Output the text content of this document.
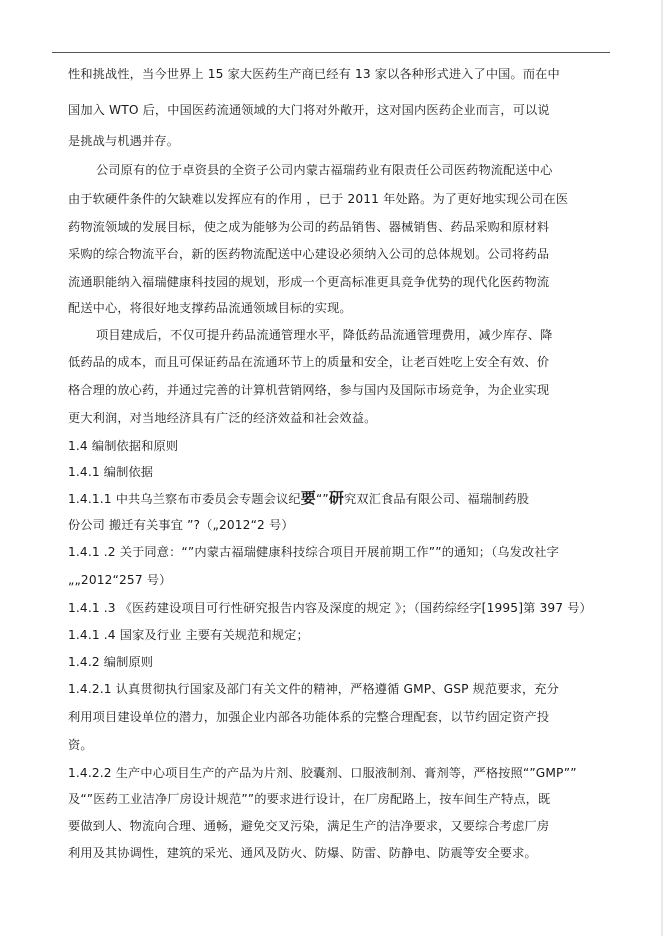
性和挑战性，当今世界上 15 家大医药生产商已经有 13 家以各种形式进入了中国。而在中
国加入 WTO 后，中国医药流通领域的大门将对外敞开，这对国内医药企业而言，可以说
是挑战与机遇并存。
公司原有的位于卓资县的全资子公司内蒙古福瑞药业有限责任公司医药物流配送中心
由于软硬件条件的欠缺难以发挥应有的作用 ，已于 2011 年处路。为了更好地实现公司在医
药物流领域的发展目标，使之成为能够为公司的药品销售、器械销售、药品采购和原材料
采购的综合物流平台，新的医药物流配送中心建设必须纳入公司的总体规划。公司将药品
流通职能纳入福瑞健康科技园的规划，形成一个更高标准更具竞争优势的现代化医药物流
配送中心，将很好地支撑药品流通领域目标的实现。
项目建成后，不仅可提升药品流通管理水平，降低药品流通管理费用，减少库存、降
低药品的成本，而且可保证药品在流通环节上的质量和安全，让老百姓吃上安全有效、价
格合理的放心药，并通过完善的计算机营销网络，参与国内及国际市场竞争，为企业实现
更大利润，对当地经济具有广泛的经济效益和社会效益。
1.4 编制依据和原则
1.4.1 编制依据
1.4.1.1 中共乌兰察布市委员会专题会议纪要“”研究双汇食品有限公司、福瑞制药股
份公司 搬迁有关事宜 ”?（„2012“2 号）
1.4.1 .2 关于同意：“”内蒙古福瑞健康科技综合项目开展前期工作””的通知；（乌发改社字
„„2012“257 号）
1.4.1 .3 《医药建设项目可行性研究报告内容及深度的规定 》；（国药综经字[1995]第 397 号）
1.4.1 .4 国家及行业 主要有关规范和规定；
1.4.2 编制原则
1.4.2.1 认真贯彻执行国家及部门有关文件的精神，严格遵循 GMP、GSP 规范要求，充分
利用项目建设单位的潜力，加强企业内部各功能体系的完整合理配套，以节约固定资产投
资。
1.4.2.2 生产中心项目生产的产品为片剂、胶囊剂、口服液制剂、膏剂等，严格按照“”GMP””
及“”医药工业洁净厂房设计规范””的要求进行设计，在厂房配路上，按车间生产特点，既
要做到人、物流向合理、通畅，避免交叉污染，满足生产的洁净要求，又要综合考虑厂房
利用及其协调性，建筑的采光、通风及防火、防爆、防雷、防静电、防震等安全要求。
